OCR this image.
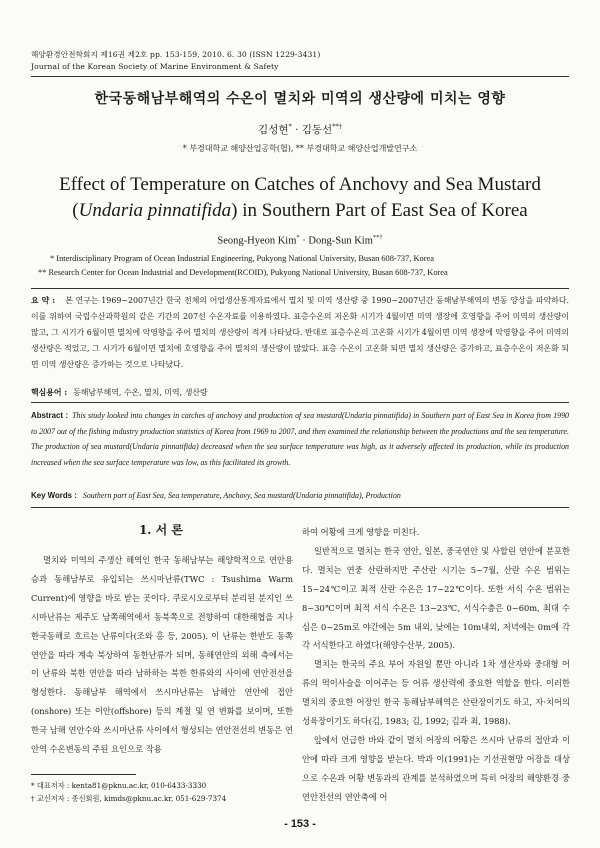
해양환경안전학회지 제16권 제2호 pp. 153-159, 2010. 6. 30 (ISSN 1229-3431)
Journal of the Korean Society of Marine Environment & Safety
한국동해남부해역의 수온이 멸치와 미역의 생산량에 미치는 영향
김성현* · 김동선**†
* 부경대학교 해양산업공학(협), ** 부경대학교 해양산업개발연구소
Effect of Temperature on Catches of Anchovy and Sea Mustard
(Undaria pinnatifida) in Southern Part of East Sea of Korea
Seong-Hyeon Kim* · Dong-Sun Kim**†
* Interdisciplinary Program of Ocean Industrial Engineering, Pukyong National University, Busan 608-737, Korea
** Research Center for Ocean Industrial and Development(RCOID), Pukyong National University, Busan 608-737, Korea
요 약 : 본 연구는 1969~2007년간 한국 전체의 어업생산통계자료에서 멸치 및 미역 생산량 중 1990~2007년간 동해남부해역의 변동 양상을 파악하다. 이를 위하여 국립수산과학원의 같은 기간의 207선 수온자료를 이용하였다. 표층수온의 저온화 시기가 4월이면 미역 생장에 호영향을 주어 미역의 생산량이 많고, 그 시기가 6월이면 멸치에 악영향을 주어 멸치의 생산량이 적게 나타났다. 반대로 표층수온의 고온화 시기가 4월이면 미역 생장에 악영향을 주어 미역의 생산량은 적었고, 그 시기가 6월이면 멸치에 호영향을 주어 멸치의 생산량이 많았다. 표층 수온이 고온화 되면 멸치 생산량은 증가하고, 표층수온이 저온화 되면 미역 생산량은 증가하는 것으로 나타났다.
핵심용어 : 동해남부해역, 수온, 멸치, 미역, 생산량
Abstract : This study looked into changes in catches of anchovy and production of sea mustard(Undaria pinnatifida) in Southern part of East Sea in Korea from 1990 to 2007 out of the fishing industry production statistics of Korea from 1969 to 2007, and then examined the relationship between the productions and the sea temperature. The production of sea mustard(Undaria pinnatifida) decreased when the sea surface temperature was high, as it adversely affected its production, while its production increased when the sea surface temperature was low, as this facilitated its growth.
Key Words : Southern part of East Sea, Sea temperature, Anchovy, Sea mustard(Undaria pinnatifida), Production
1. 서 론

멸치와 미역의 주생산 해역인 한국 동해남부는 해양학적으로 연안용승과 동해남부로 유입되는 쓰시마난류(TWC : Tsushima Warm Current)에 영향을 바로 받는 곳이다. 쿠로시오로부터 분리된 분지인 쓰시마난류는 제주도 남쪽해역에서 동북쪽으로 전향하여 대한해협을 지나 한국동해로 흐르는 난류이다(조와 홍 등, 2005). 이 난류는 한반도 동쪽연안을 따라 계속 북상하여 동한난류가 되며, 동해연안의 외해 측에서는 이 난류와 북한 연안을 따라 남하하는 북한 한류와의 사이에 연안전선을 형성한다. 동해남부 해역에서 쓰시마난류는 남해안 연안에 접안(onshore) 또는 이안(offshore) 등의 계절 및 연 변화를 보이며, 또한 한국 남해 연안수와 쓰시마난류 사이에서 형성되는 연안전선의 변동은 연안역 수온변동의 주된 요인으로 작용

하여 어황에 크게 영향을 미친다.

일반적으로 멸치는 한국 연안, 일본, 중국연안 및 사할린 연안에 분포한다. 멸치는 연중 산란하지만 주산란 시기는 5~7월, 산란 수온 범위는 15~24℃이고 최적 산란 수온은 17~22℃이다. 또한 서식 수온 범위는 8~30℃이며 최적 서식 수온은 13~23℃, 서식수층은 0~60m, 최대 수심은 0~25m로 야간에는 5m 내외, 낮에는 10m내외, 저녁에는 0m에 각각 서식한다고 하였다(해양수산부, 2005).

멸치는 한국의 주요 부어 자원일 뿐만 아니라 1차 생산자와 중대형 어류의 먹이사슬을 이어주는 등 어류 생산력에 중요한 역할을 한다. 이러한 멸치의 중요한 어장인 한국 동해남부해역은 산란장이기도 하고, 자·치어의 성육장이기도 하다(김, 1983; 김, 1992; 김과 최, 1988).

앞에서 언급한 바와 같이 멸치 어장의 어황은 쓰시마 난류의 접안과 이안에 따라 크게 영향을 받는다. 박과 이(1991)는 기선권현망 어장을 대상으로 수온과 어황 변동과의 관계를 분석하였으며 특히 어장의 해양환경 중 연안전선의 연안축에 어

* 대표저자 : kenta81@pknu.ac.kr, 010-6433-3330
† 교신저자 : 종신회원, kimds@pknu.ac.kr, 051-629-7374
- 153 -
